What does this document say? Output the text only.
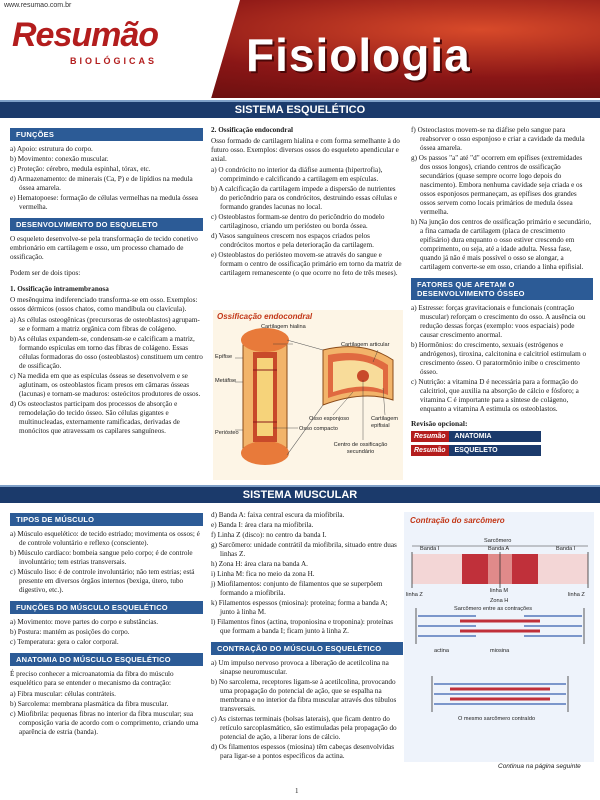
www.resumao.com.br
Resumão
BIOLÓGICAS Fisiologia
SISTEMA ESQUELÉTICO
FUNÇÕES
a) Apoio: estrutura do corpo.
b) Movimento: conexão muscular.
c) Proteção: cérebro, medula espinhal, tórax, etc.
d) Armazenamento: de minerais (Ca, P) e de lipídios na medula óssea amarela.
e) Hematopoese: formação de células vermelhas na medula óssea vermelha.
DESENVOLVIMENTO DO ESQUELETO

O esqueleto desenvolve-se pela transformação de tecido conetivo embrionário em cartilagem e osso, um processo chamado de ossificação.

Podem ser de dois tipos:

1. Ossificação intramembranosa

O mesênquima indiferenciado transforma-se em osso. Exemplos: ossos dérmicos (ossos chatos, como mandíbula ou clavícula).

a) As células osteogênicas (precursoras de osteoblastos) agrupam-se e formam a matriz orgânica com fibras de colágeno.
b) As células expandem-se, condensam-se e calcificam a matriz, formando espículas em torno das fibras de colágeno. Essas células formadoras do osso (osteoblastos) constituem um centro de ossificação.
c) Na medida em que as espículas ósseas se desenvolvem e se aglutinam, os osteoblastos ficam presos em câmaras ósseas (lacunas) e tornam-se maduros: osteócitos produtores de ossos.
d) Os osteoclastos participam dos processos de absorção e remodelação do tecido ósseo. São células gigantes e multinucleadas, externamente ramificadas, derivadas de monócitos que atravessam os capilares sanguíneos.

2. Ossificação endocondral

Osso formado de cartilagem hialina e com forma semelhante à do futuro osso. Exemplos: diversos ossos do esqueleto apendicular e axial.

a) O condrócito no interior da diáfise aumenta (hipertrofia), comprimindo e calcificando a cartilagem em espículas.
b) A calcificação da cartilagem impede a dispersão de nutrientes do pericôndrio para os condrócitos, destruindo essas células e formando grandes lacunas no local.
c) Osteoblastos formam-se dentro do pericôndrio do modelo cartilaginoso, criando um periósteo ou borda óssea.
d) Vasos sanguíneos crescem nos espaços criados pelos condrócitos mortos e pela deterioração da cartilagem.
e) Osteoblastos do periósteo movem-se através do sangue e formam o centro de ossificação primário em torno da matriz de cartilagem remanescente (o que ocorre no feto de três meses).
Ossificação endocondral
Cartilagem hialina
Epífise
Metáfise
Periósteo
Cartilagem articular
Osso esponjoso	Cartilagem epifisial
Osso compacto
Centro de ossificação secundário
f) Osteoclastos movem-se na diáfise pelo sangue para reabsorver o osso esponjoso e criar a cavidade da medula óssea amarela.
g) Os passos "a" até "d" ocorrem em epífises (extremidades dos ossos longos), criando centros de ossificação secundários (quase sempre ocorre logo depois do nascimento). Embora nenhuma cavidade seja criada e os ossos esponjosos permaneçam, as epífises dos grandes ossos servem como locais primários de medula óssea vermelha.
h) Na junção dos centros de ossificação primário e secundário, a fina camada de cartilagem (placa de crescimento epifisário) dura enquanto o osso estiver crescendo em comprimento, ou seja, até a idade adulta. Nessa fase, quando já não é mais possível o osso se alongar, a cartilagem converte-se em osso, criando a linha epifisial.
FATORES QUE AFETAM O DESENVOLVIMENTO ÓSSEO
a) Estresse: forças gravitacionais e funcionais (contração muscular) reforçam o crescimento do osso. A ausência ou redução dessas forças (exemplo: voos espaciais) pode causar crescimento anormal.
b) Hormônios: do crescimento, sexuais (estrógenos e andrógenos), tiroxina, calcitonina e calcitriol estimulam o crescimento ósseo. O paratormônio inibe o crescimento ósseo.
c) Nutrição: a vitamina D é necessária para a formação do calcitriol, que auxilia na absorção de cálcio e fósforo; a vitamina C é importante para a síntese de colágeno, enquanto a vitamina A estimula os osteoblastos.

Revisão opcional:

Resumão	ANATOMIA
Resumão	ESQUELETO
SISTEMA MUSCULAR
TIPOS DE MÚSCULO
a) Músculo esquelético: de tecido estriado; movimenta os ossos; é de controle voluntário e reflexo (consciente).
b) Músculo cardíaco: bombeia sangue pelo corpo; é de controle involuntário; tem estrias transversais.
c) Músculo liso: é de controle involuntário; não tem estrias; está presente em diversos órgãos internos (bexiga, útero, tubo digestivo, etc.).
FUNÇÕES DO MÚSCULO ESQUELÉTICO
a) Movimento: move partes do corpo e substâncias.
b) Postura: mantém as posições do corpo.
c) Temperatura: gera o calor corporal.
ANATOMIA DO MÚSCULO ESQUELÉTICO

É preciso conhecer a microanatomia da fibra do músculo esquelético para se entender o mecanismo da contração:

a) Fibra muscular: células contráteis.
b) Sarcolema: membrana plasmática da fibra muscular.
c) Miofibrila: pequenas fibras no interior da fibra muscular; sua composição varia de acordo com o comprimento, criando uma aparência de estria (banda).
d) Banda A: faixa central escura da miofibrila.
e) Banda I: área clara na miofibrila.
f) Linha Z (disco): no centro da banda I.
g) Sarcômero: unidade contrátil da miofibrila, situado entre duas linhas Z.
h) Zona H: área clara na banda A.
i) Linha M: fica no meio da zona H.
j) Miofilamentos: conjunto de filamentos que se superpõem formando a miofibrila.
k) Filamentos espessos (miosina): proteína; forma a banda A; junto à linha M.
l) Filamentos finos (actina, troponiosina e troponina): proteínas que formam a banda I; ficam junto à linha Z.
CONTRAÇÃO DO MÚSCULO ESQUELÉTICO
a) Um impulso nervoso provoca a liberação de acetilcolina na sinapse neuromuscular.
b) No sarcolema, receptores ligam-se à acetilcolina, provocando uma propagação do potencial de ação, que se espalha na membrana e no interior da fibra muscular através dos túbulos transversais.
c) As cisternas terminais (bolsas laterais), que ficam dentro do retículo sarcoplasmático, são estimuladas pela propagação do potencial de ação, a liberar íons de cálcio.
d) Os filamentos espessos (miosina) têm cabeças desenvolvidas para ligar-se a pontos específicos da actina.
Contração do sarcômero
Sarcômero
Banda I	Banda A	Banda I
linha Z
linha M
linha Z
Zona H
Sarcômero entre as contrações
actina	miosina
O mesmo sarcômero contraído
Continua na página seguinte
1
